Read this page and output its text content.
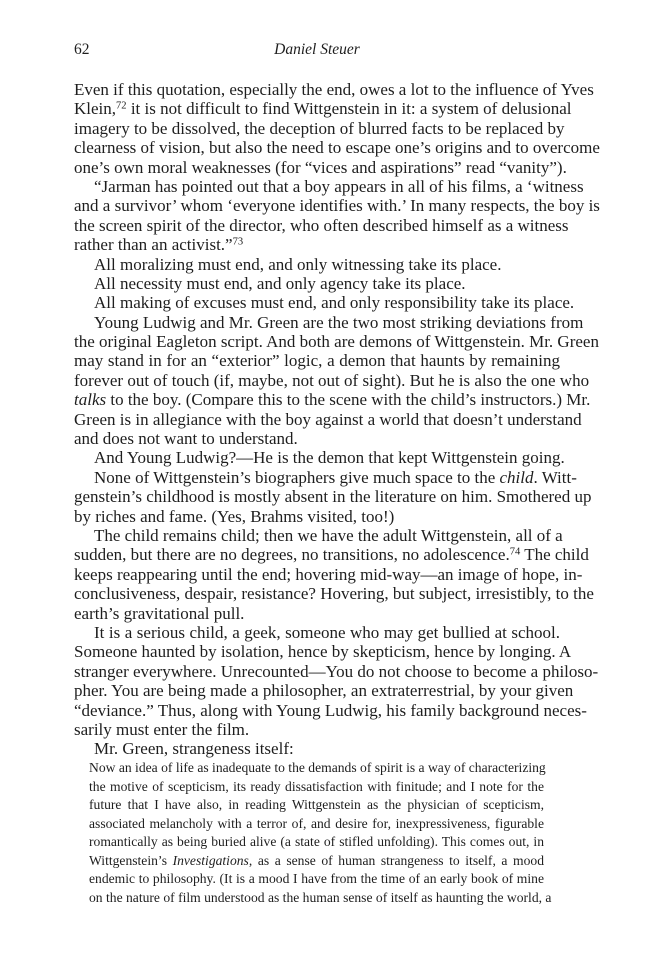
62	Daniel Steuer
Even if this quotation, especially the end, owes a lot to the influence of Yves
Klein,$^{72}$ it is not difficult to find Wittgenstein in it: a system of delusional
imagery to be dissolved, the deception of blurred facts to be replaced by
clearness of vision, but also the need to escape one’s origins and to overcome
one’s own moral weaknesses (for “vices and aspirations” read “vanity”).
“Jarman has pointed out that a boy appears in all of his films, a ‘witness
and a survivor’ whom ‘everyone identifies with.’ In many respects, the boy is
the screen spirit of the director, who often described himself as a witness
rather than an activist.”$^{73}$
All moralizing must end, and only witnessing take its place.
All necessity must end, and only agency take its place.
All making of excuses must end, and only responsibility take its place.
Young Ludwig and Mr. Green are the two most striking deviations from
the original Eagleton script. And both are demons of Wittgenstein. Mr. Green
may stand in for an “exterior” logic, a demon that haunts by remaining
forever out of touch (if, maybe, not out of sight). But he is also the one who
talks to the boy. (Compare this to the scene with the child’s instructors.) Mr.
Green is in allegiance with the boy against a world that doesn’t understand
and does not want to understand.
And Young Ludwig?—He is the demon that kept Wittgenstein going.
None of Wittgenstein’s biographers give much space to the child. Witt-
genstein’s childhood is mostly absent in the literature on him. Smothered up
by riches and fame. (Yes, Brahms visited, too!)
The child remains child; then we have the adult Wittgenstein, all of a
sudden, but there are no degrees, no transitions, no adolescence.$^{74}$ The child
keeps reappearing until the end; hovering mid-way—an image of hope, in-
conclusiveness, despair, resistance? Hovering, but subject, irresistibly, to the
earth’s gravitational pull.
It is a serious child, a geek, someone who may get bullied at school.
Someone haunted by isolation, hence by skepticism, hence by longing. A
stranger everywhere. Unrecounted—You do not choose to become a philoso-
pher. You are being made a philosopher, an extraterrestrial, by your given
“deviance.” Thus, along with Young Ludwig, his family background neces-
sarily must enter the film.
Mr. Green, strangeness itself:
Now an idea of life as inadequate to the demands of spirit is a way of characterizing
the motive of scepticism, its ready dissatisfaction with finitude; and I note for the
future that I have also, in reading Wittgenstein as the physician of scepticism,
associated melancholy with a terror of, and desire for, inexpressiveness, figurable
romantically as being buried alive (a state of stifled unfolding). This comes out, in
Wittgenstein’s Investigations, as a sense of human strangeness to itself, a mood
endemic to philosophy. (It is a mood I have from the time of an early book of mine
on the nature of film understood as the human sense of itself as haunting the world, a
